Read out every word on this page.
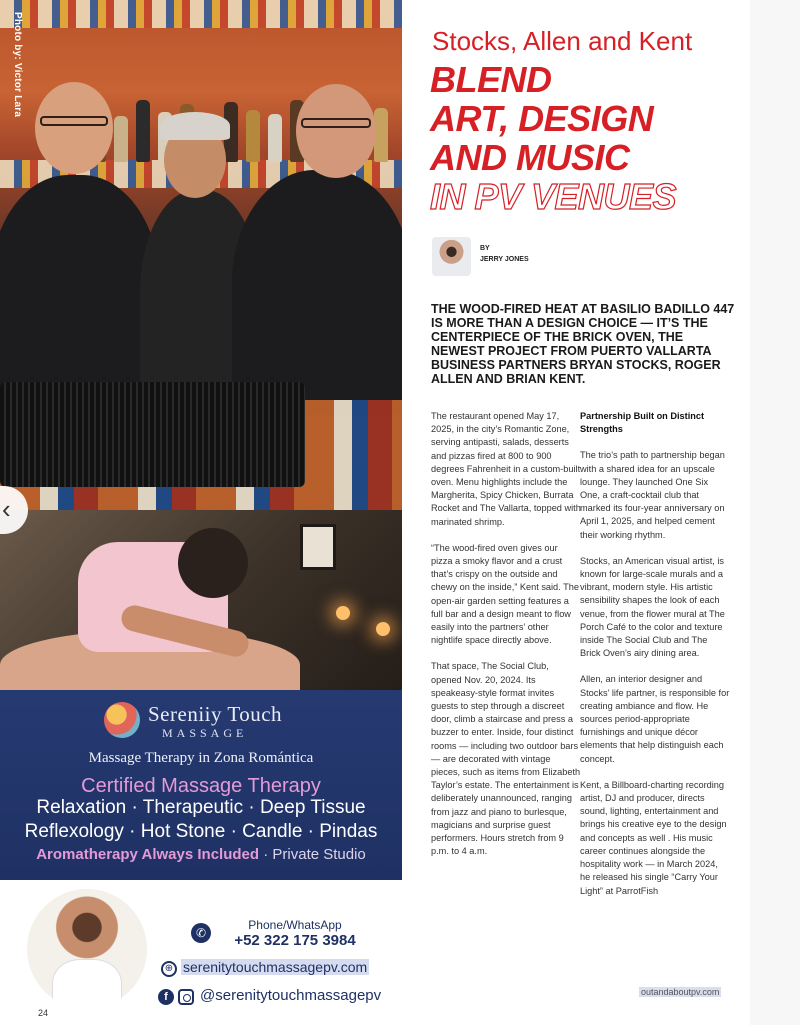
Photo by: Victor Lara
Sereniiy Touch
MASSAGE
Massage Therapy in Zona Romántica
Certified Massage Therapy
Relaxation · Therapeutic · Deep Tissue
Reflexology · Hot Stone · Candle · Pindas
Aromatherapy Always Included · Private Studio
24
✆
Phone/WhatsApp
+52 322 175 3984
⊕ serenitytouchmassagepv.com
f	@serenitytouchmassagepv
‹
Stocks, Allen and Kent
BLEND
ART, DESIGN
AND MUSIC
IN PV VENUES
BY
JERRY JONES
THE WOOD-FIRED HEAT AT BASILIO BADILLO 447 IS MORE THAN A DESIGN CHOICE — IT’S THE CENTERPIECE OF THE BRICK OVEN, THE NEWEST PROJECT FROM PUERTO VALLARTA BUSINESS PARTNERS BRYAN STOCKS, ROGER ALLEN AND BRIAN KENT.

The restaurant opened May 17, 2025, in the city’s Romantic Zone, serving antipasti, salads, desserts and pizzas fired at 800 to 900 degrees Fahrenheit in a custom-built oven. Menu highlights include the Margherita, Spicy Chicken, Burrata Rocket and The Vallarta, topped with marinated shrimp.

“The wood-fired oven gives our pizza a smoky flavor and a crust that’s crispy on the outside and chewy on the inside,” Kent said. The open-air garden setting features a full bar and a design meant to flow easily into the partners’ other nightlife space directly above.

That space, The Social Club, opened Nov. 20, 2024. Its speakeasy-style format invites guests to step through a discreet door, climb a staircase and press a buzzer to enter. Inside, four distinct rooms — including two outdoor bars — are decorated with vintage pieces, such as items from Elizabeth Taylor’s estate. The entertainment is deliberately unannounced, ranging from jazz and piano to burlesque, magicians and surprise guest performers. Hours stretch from 9 p.m. to 4 a.m.

Partnership Built on Distinct Strengths

The trio’s path to partnership began with a shared idea for an upscale lounge. They launched One Six One, a craft-cocktail club that marked its four-year anniversary on April 1, 2025, and helped cement their working rhythm.

Stocks, an American visual artist, is known for large-scale murals and a vibrant, modern style. His artistic sensibility shapes the look of each venue, from the flower mural at The Porch Café to the color and texture inside The Social Club and The Brick Oven’s airy dining area.

Allen, an interior designer and Stocks’ life partner, is responsible for creating ambiance and flow. He sources period-appropriate furnishings and unique décor elements that help distinguish each concept.

Kent, a Billboard-charting recording artist, DJ and producer, directs sound, lighting, entertainment and brings his creative eye to the design and concepts as well . His music career continues alongside the hospitality work — in March 2024, he released his single “Carry Your Light” at ParrotFish

outandaboutpv.com
